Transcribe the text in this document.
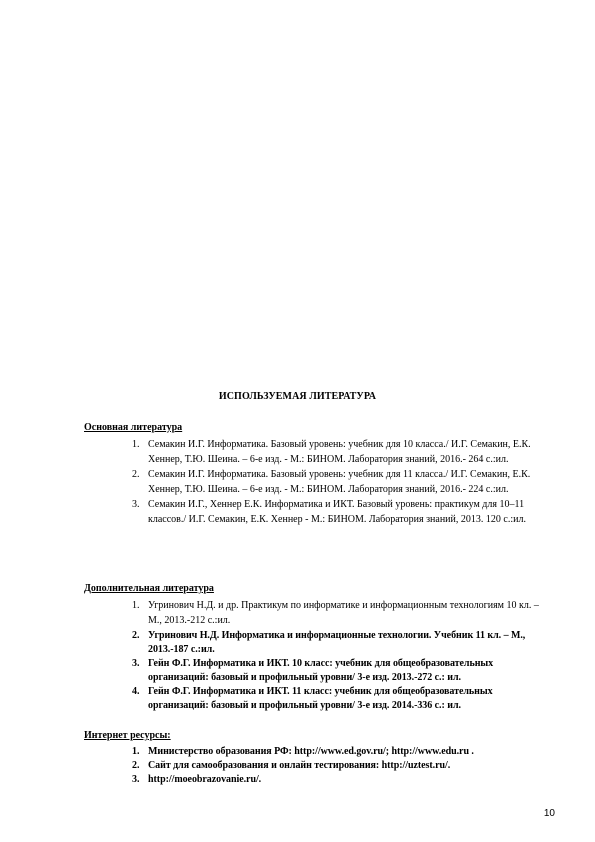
ИСПОЛЬЗУЕМАЯ ЛИТЕРАТУРА
Основная литература
1. Семакин И.Г. Информатика. Базовый уровень: учебник для 10 класса./ И.Г. Семакин, Е.К. Хеннер, Т.Ю. Шеина. – 6-е изд. - М.: БИНОМ. Лаборатория знаний, 2016.- 264 с.:ил.
2. Семакин И.Г. Информатика. Базовый уровень: учебник для 11 класса./ И.Г. Семакин, Е.К. Хеннер, Т.Ю. Шеина. – 6-е изд. - М.: БИНОМ. Лаборатория знаний, 2016.- 224 с.:ил.
3. Семакин И.Г., Хеннер Е.К. Информатика и ИКТ. Базовый уровень: практикум для 10–11 классов./ И.Г. Семакин, Е.К. Хеннер - М.: БИНОМ. Лаборатория знаний, 2013. 120 с.:ил.
Дополнительная литература
1. Угринович Н.Д. и др. Практикум по информатике и информационным технологиям 10 кл. – М., 2013.-212 с.:ил.
2. Угринович Н.Д. Информатика и информационные технологии. Учебник 11 кл. – М., 2013.-187 с.:ил.
3. Гейн Ф.Г. Информатика и ИКТ. 10 класс: учебник для общеобразовательных организаций: базовый и профильный уровни/ 3-е изд. 2013.-272 с.: ил.
4. Гейн Ф.Г. Информатика и ИКТ. 11 класс: учебник для общеобразовательных организаций: базовый и профильный уровни/ 3-е изд. 2014.-336 с.: ил.
Интернет ресурсы:
1. Министерство образования РФ: http://www.ed.gov.ru/; http://www.edu.ru .
2. Сайт для самообразования и онлайн тестирования: http://uztest.ru/.
3. http://moeobrazovanie.ru/.
10
